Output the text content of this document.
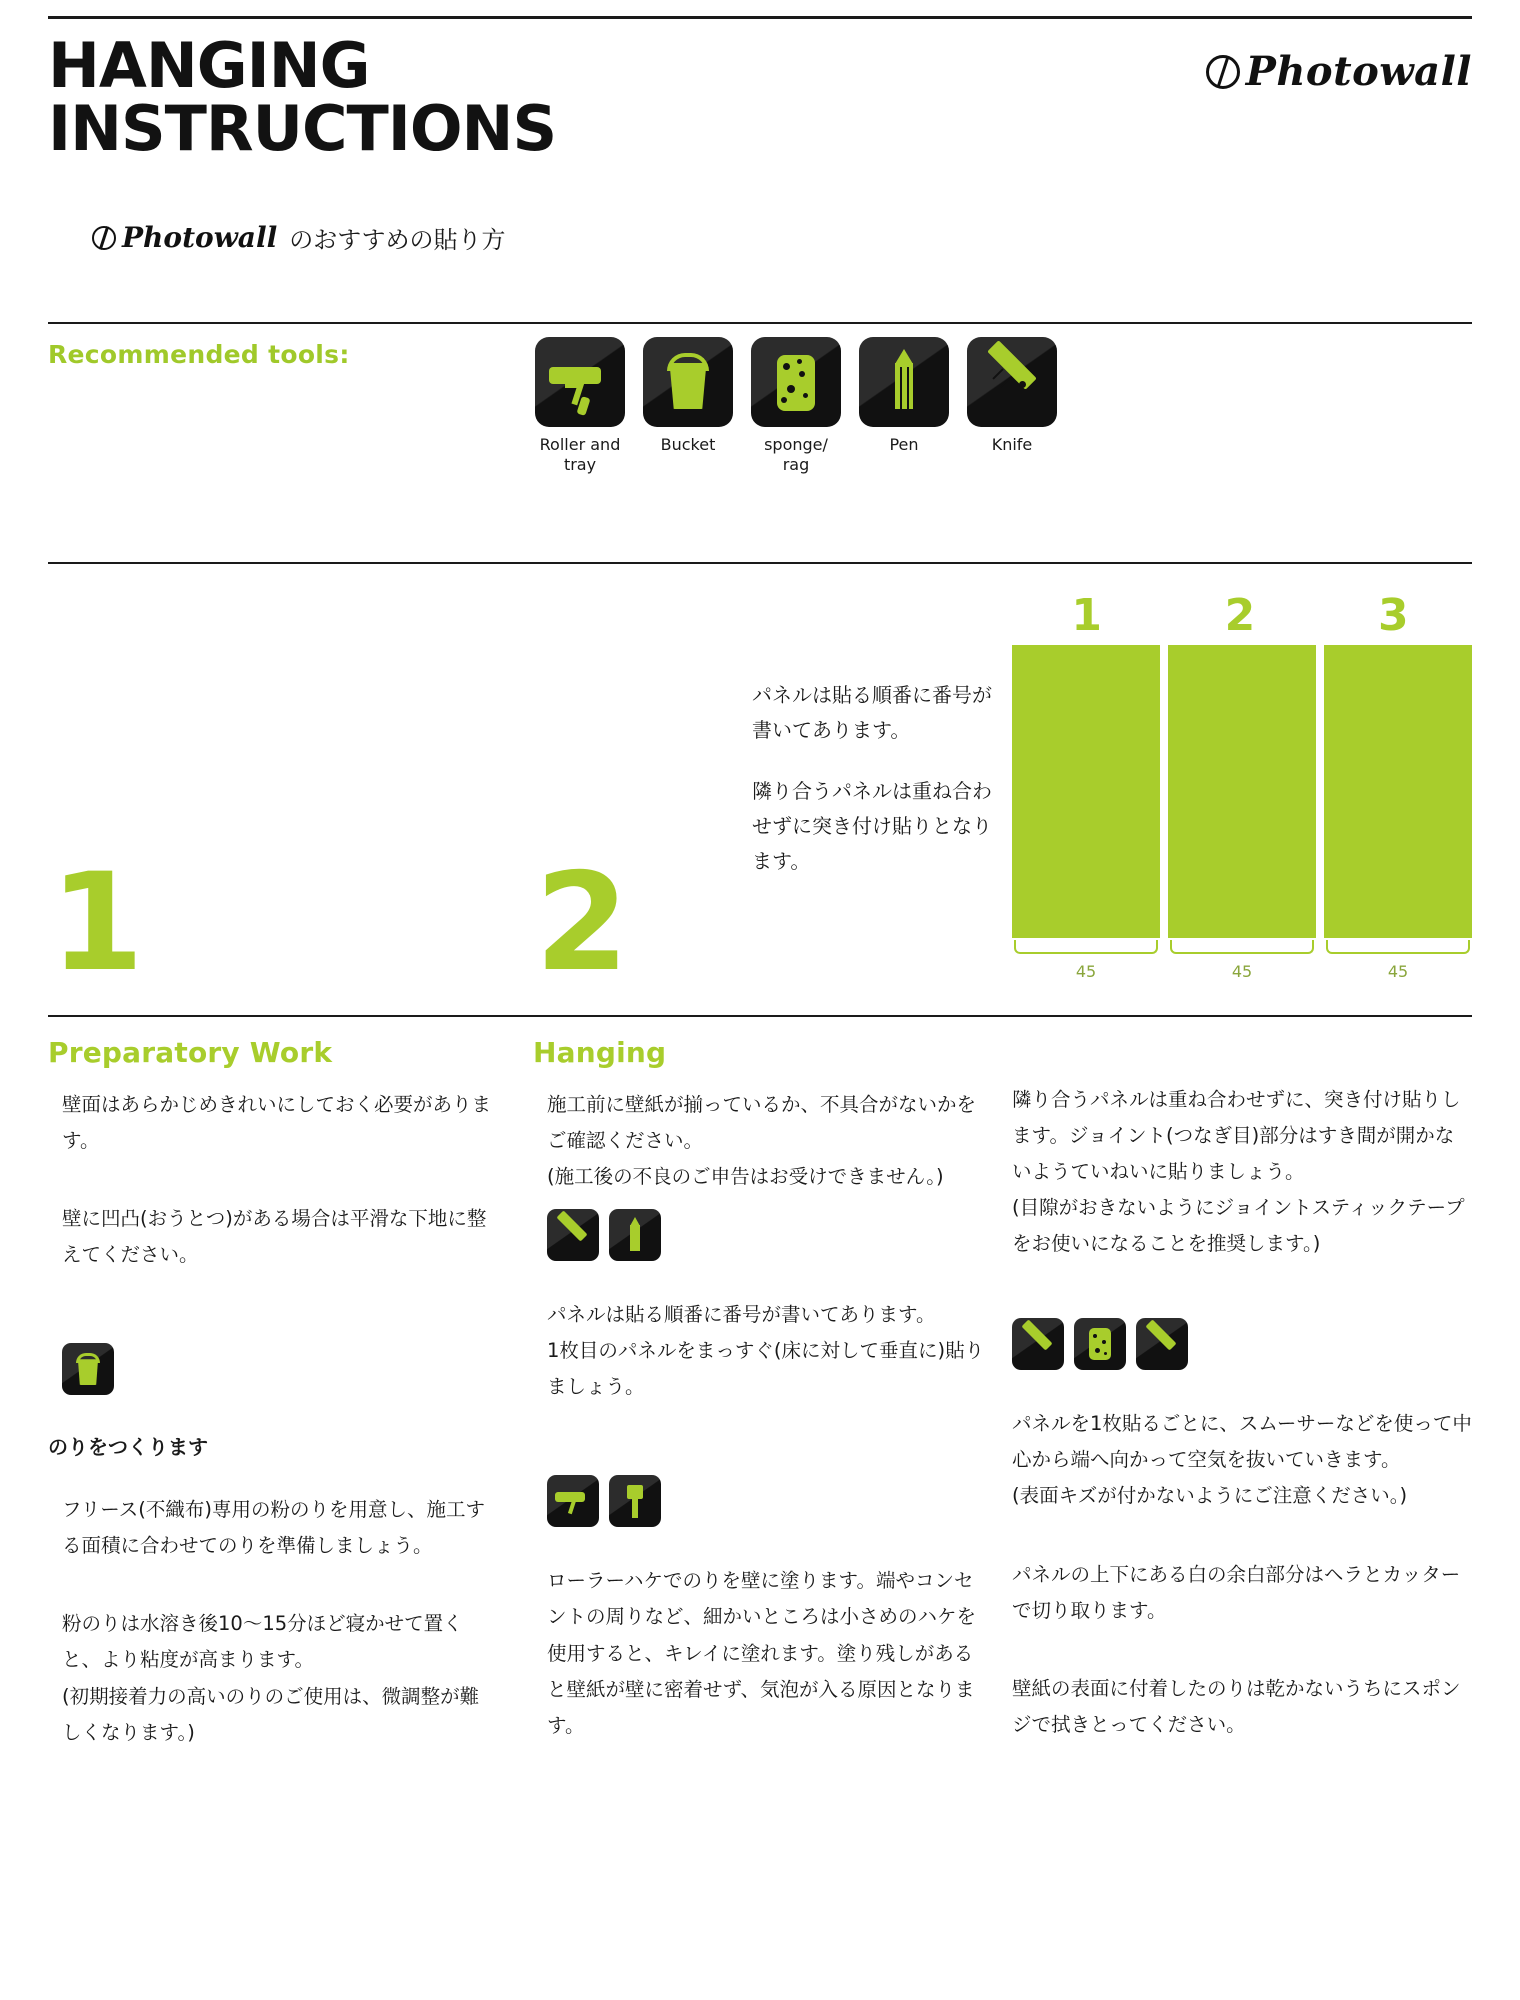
HANGING
INSTRUCTIONS
Photowall
Photowall のおすすめの貼り方
Recommended tools:
Roller and tray
Bucket	sponge/ rag
Pen	Knife
1	2	3
45	45	45

パネルは貼る順番に番号が書いてあります。

隣り合うパネルは重ね合わせずに突き付け貼りとなります。

1	2
Preparatory Work

壁面はあらかじめきれいにしておく必要があります。

壁に凹凸(おうとつ)がある場合は平滑な下地に整えてください。

のりをつくります

フリース(不織布)専用の粉のりを用意し、施工する面積に合わせてのりを準備しましょう。

粉のりは水溶き後10〜15分ほど寝かせて置くと、より粘度が高まります。

(初期接着力の高いのりのご使用は、微調整が難しくなります。)

Hanging

施工前に壁紙が揃っているか、不具合がないかをご確認ください。

(施工後の不良のご申告はお受けできません。)

パネルは貼る順番に番号が書いてあります。

1枚目のパネルをまっすぐ(床に対して垂直に)貼りましょう。

ローラーハケでのりを壁に塗ります。端やコンセントの周りなど、細かいところは小さめのハケを使用すると、キレイに塗れます。塗り残しがあると壁紙が壁に密着せず、気泡が入る原因となります。

隣り合うパネルは重ね合わせずに、突き付け貼りします。ジョイント(つなぎ目)部分はすき間が開かないようていねいに貼りましょう。

(目隙がおきないようにジョイントスティックテープをお使いになることを推奨します。)

パネルを1枚貼るごとに、スムーサーなどを使って中心から端へ向かって空気を抜いていきます。

(表面キズが付かないようにご注意ください。)

パネルの上下にある白の余白部分はヘラとカッターで切り取ります。

壁紙の表面に付着したのりは乾かないうちにスポンジで拭きとってください。
